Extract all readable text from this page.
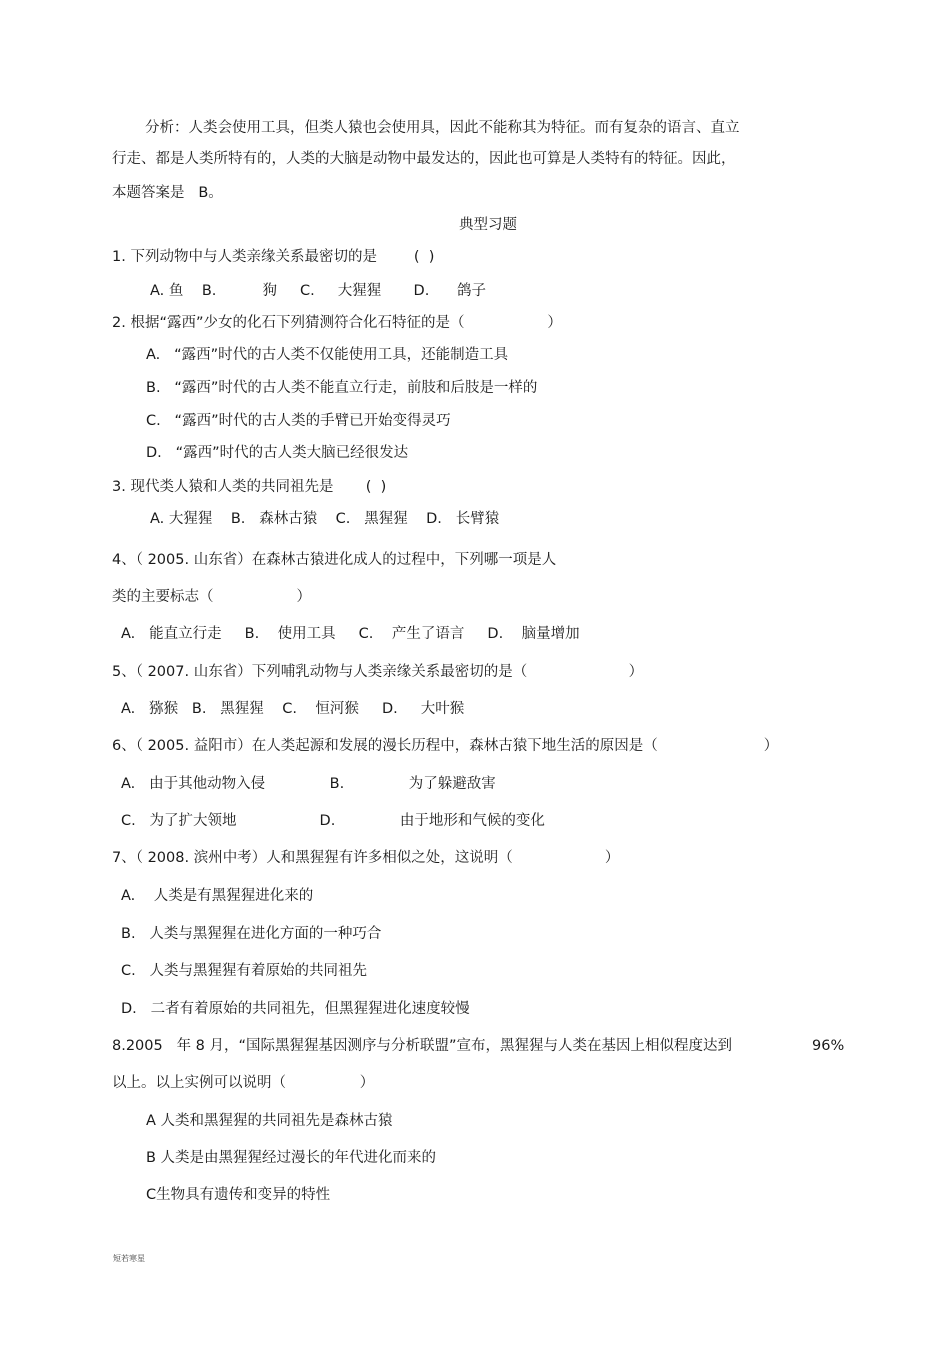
分析：人类会使用工具，但类人猿也会使用具，因此不能称其为特征。而有复杂的语言、直立
行走、都是人类所特有的，人类的大脑是动物中最发达的，因此也可算是人类特有的特征。因此，
本题答案是   B。
典型习题
1. 下列动物中与人类亲缘关系最密切的是        (  )
A. 鱼    B.          狗     C.     大猩猩       D.      鸽子
2. 根据“露西”少女的化石下列猜测符合化石特征的是（                  ）
A.   “露西”时代的古人类不仅能使用工具，还能制造工具
B.   “露西”时代的古人类不能直立行走，前肢和后肢是一样的
C.   “露西”时代的古人类的手臂已开始变得灵巧
D.   “露西”时代的古人类大脑已经很发达
3. 现代类人猿和人类的共同祖先是       (  )
A. 大猩猩    B.   森林古猿    C.   黑猩猩    D.   长臂猿
4、（ 2005. 山东省）在森林古猿进化成人的过程中，下列哪一项是人
类的主要标志（                  ）
A.   能直立行走     B.    使用工具     C.    产生了语言     D.    脑量增加
5、（ 2007. 山东省）下列哺乳动物与人类亲缘关系最密切的是（                      ）
A.   猕猴   B.   黑猩猩    C.    恒河猴     D.     大叶猴
6、（ 2005. 益阳市）在人类起源和发展的漫长历程中，森林古猿下地生活的原因是（                       ）
A.   由于其他动物入侵              B.              为了躲避敌害
C.   为了扩大领地                  D.              由于地形和气候的变化
7、（ 2008. 滨州中考）人和黑猩猩有许多相似之处，这说明（                    ）
A.    人类是有黑猩猩进化来的
B.   人类与黑猩猩在进化方面的一种巧合
C.   人类与黑猩猩有着原始的共同祖先
D.   二者有着原始的共同祖先，但黑猩猩进化速度较慢
8.2005   年 8 月，“国际黑猩猩基因测序与分析联盟”宣布，黑猩猩与人类在基因上相似程度达到	96%
以上。以上实例可以说明（                ）
A 人类和黑猩猩的共同祖先是森林古猿
B 人类是由黑猩猩经过漫长的年代进化而来的
C生物具有遗传和变异的特性
短若寒星
